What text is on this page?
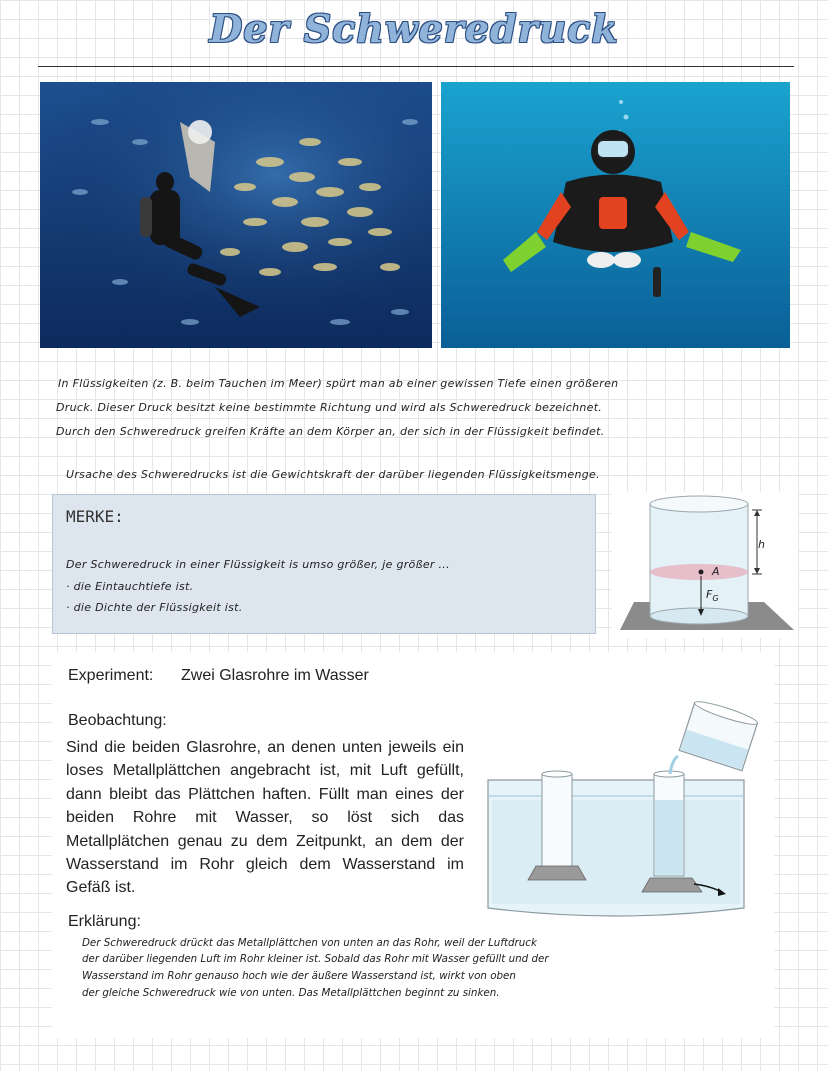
Der Schweredruck
In Flüssigkeiten (z. B. beim Tauchen im Meer) spürt man ab einer gewissen Tiefe einen größeren
Druck. Dieser Druck besitzt keine bestimmte Richtung und wird als Schweredruck bezeichnet.
Durch den Schweredruck greifen Kräfte an dem Körper an, der sich in der Flüssigkeit befindet.
Ursache des Schweredrucks ist die Gewichtskraft der darüber liegenden Flüssigkeitsmenge.
MERKE:
Der Schweredruck in einer Flüssigkeit is umso größer, je größer ...
· die Eintauchtiefe ist.
· die Dichte der Flüssigkeit ist.
h
A
$F_G$
Experiment: Zwei Glasrohre im Wasser
Beobachtung:
Sind die beiden Glasrohre, an denen unten jeweils ein loses Metallplättchen angebracht ist, mit Luft gefüllt, dann bleibt das Plättchen haften. Füllt man eines der beiden Rohre mit Wasser, so löst sich das Metallplätchen genau zu dem Zeitpunkt, an dem der Wasserstand im Rohr gleich dem Wasserstand im Gefäß ist.
Erklärung:
Der Schweredruck drückt das Metallplättchen von unten an das Rohr, weil der Luftdruck
der darüber liegenden Luft im Rohr kleiner ist. Sobald das Rohr mit Wasser gefüllt und der
Wasserstand im Rohr genauso hoch wie der äußere Wasserstand ist, wirkt von oben
der gleiche Schweredruck wie von unten. Das Metallplättchen beginnt zu sinken.
